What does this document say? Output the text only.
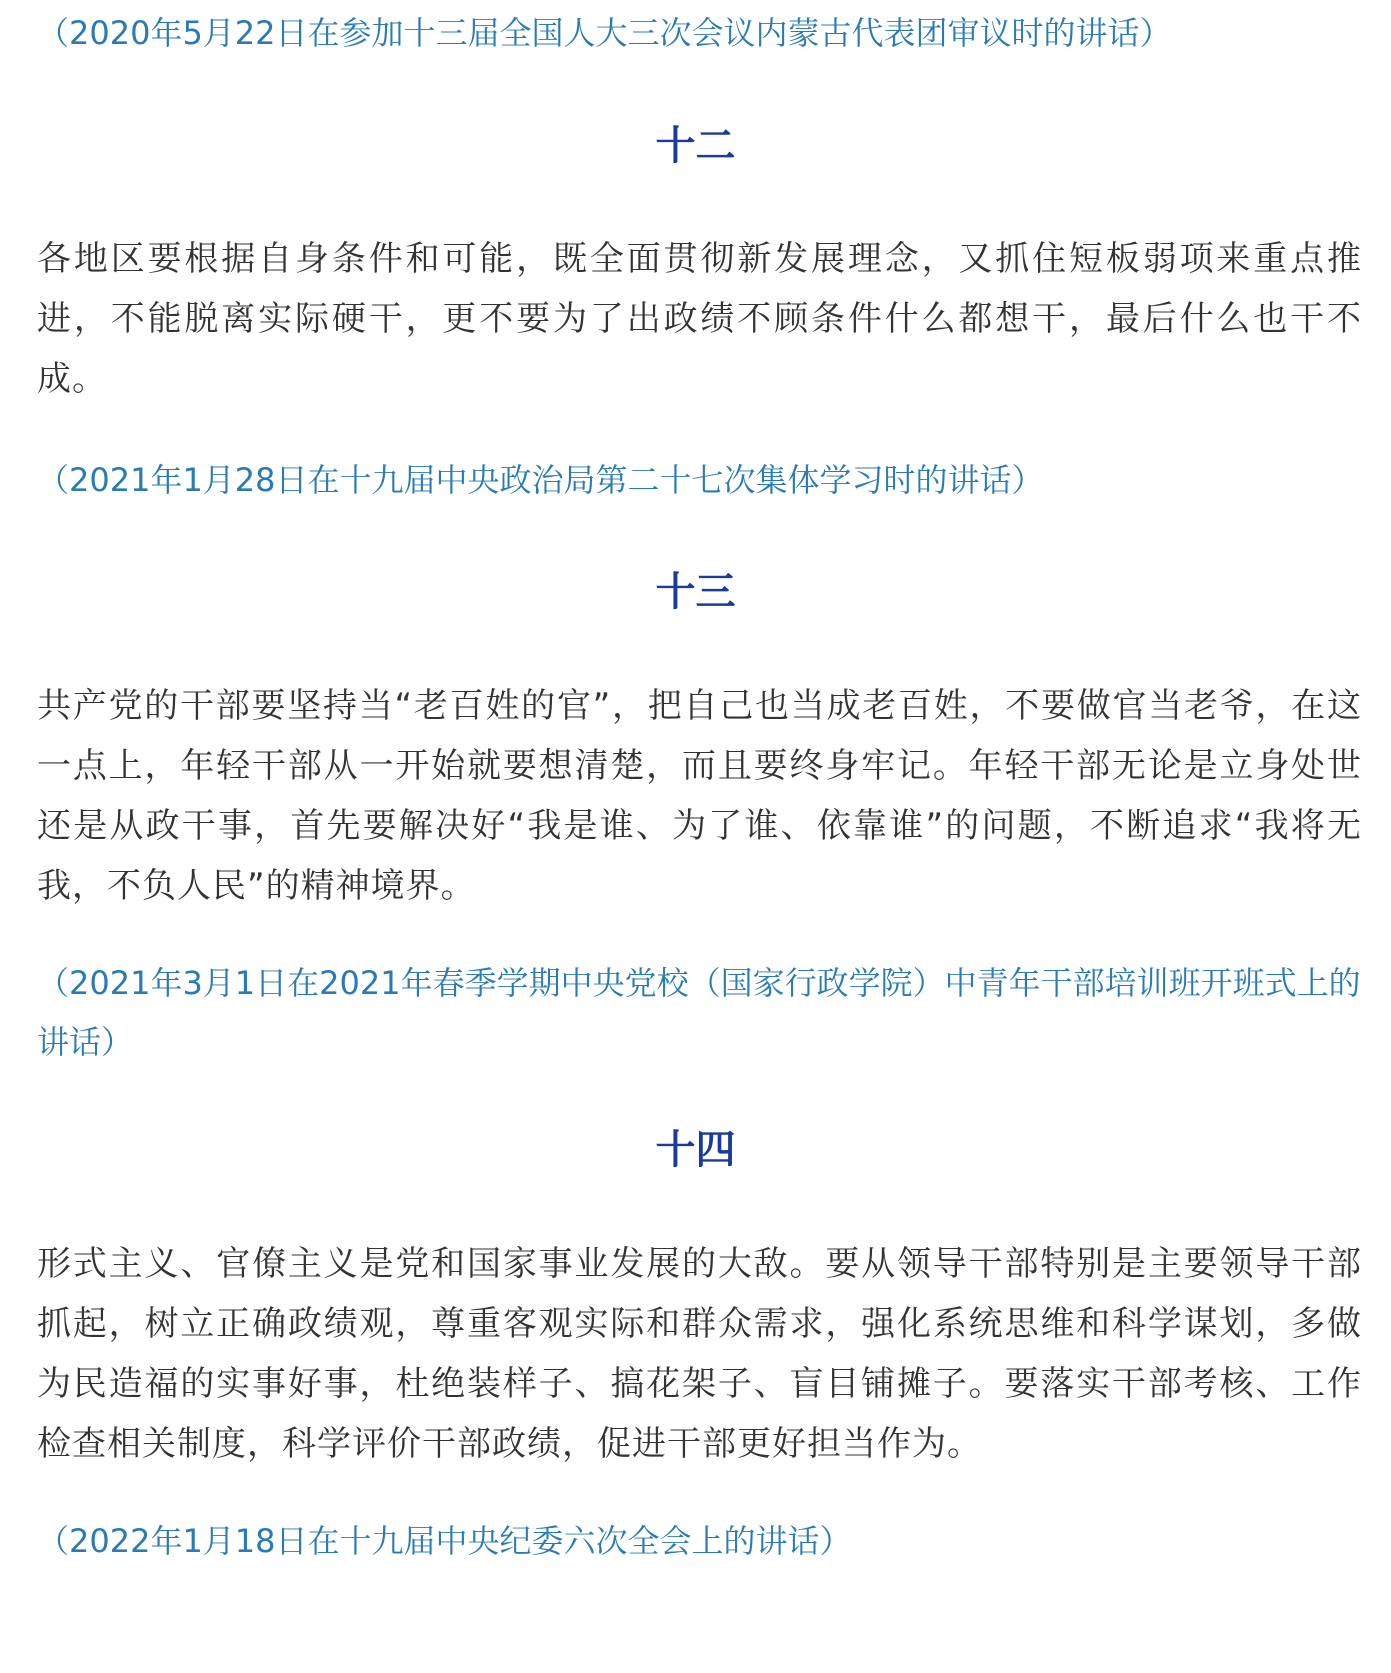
（2020年5月22日在参加十三届全国人大三次会议内蒙古代表团审议时的讲话）

十二

各地区要根据自身条件和可能，既全面贯彻新发展理念，又抓住短板弱项来重点推进，不能脱离实际硬干，更不要为了出政绩不顾条件什么都想干，最后什么也干不成。

（2021年1月28日在十九届中央政治局第二十七次集体学习时的讲话）

十三

共产党的干部要坚持当“老百姓的官”，把自己也当成老百姓，不要做官当老爷，在这一点上，年轻干部从一开始就要想清楚，而且要终身牢记。年轻干部无论是立身处世还是从政干事，首先要解决好“我是谁、为了谁、依靠谁”的问题，不断追求“我将无我，不负人民”的精神境界。

（2021年3月1日在2021年春季学期中央党校（国家行政学院）中青年干部培训班开班式上的讲话）

十四

形式主义、官僚主义是党和国家事业发展的大敌。要从领导干部特别是主要领导干部抓起，树立正确政绩观，尊重客观实际和群众需求，强化系统思维和科学谋划，多做为民造福的实事好事，杜绝装样子、搞花架子、盲目铺摊子。要落实干部考核、工作检查相关制度，科学评价干部政绩，促进干部更好担当作为。

（2022年1月18日在十九届中央纪委六次全会上的讲话）
